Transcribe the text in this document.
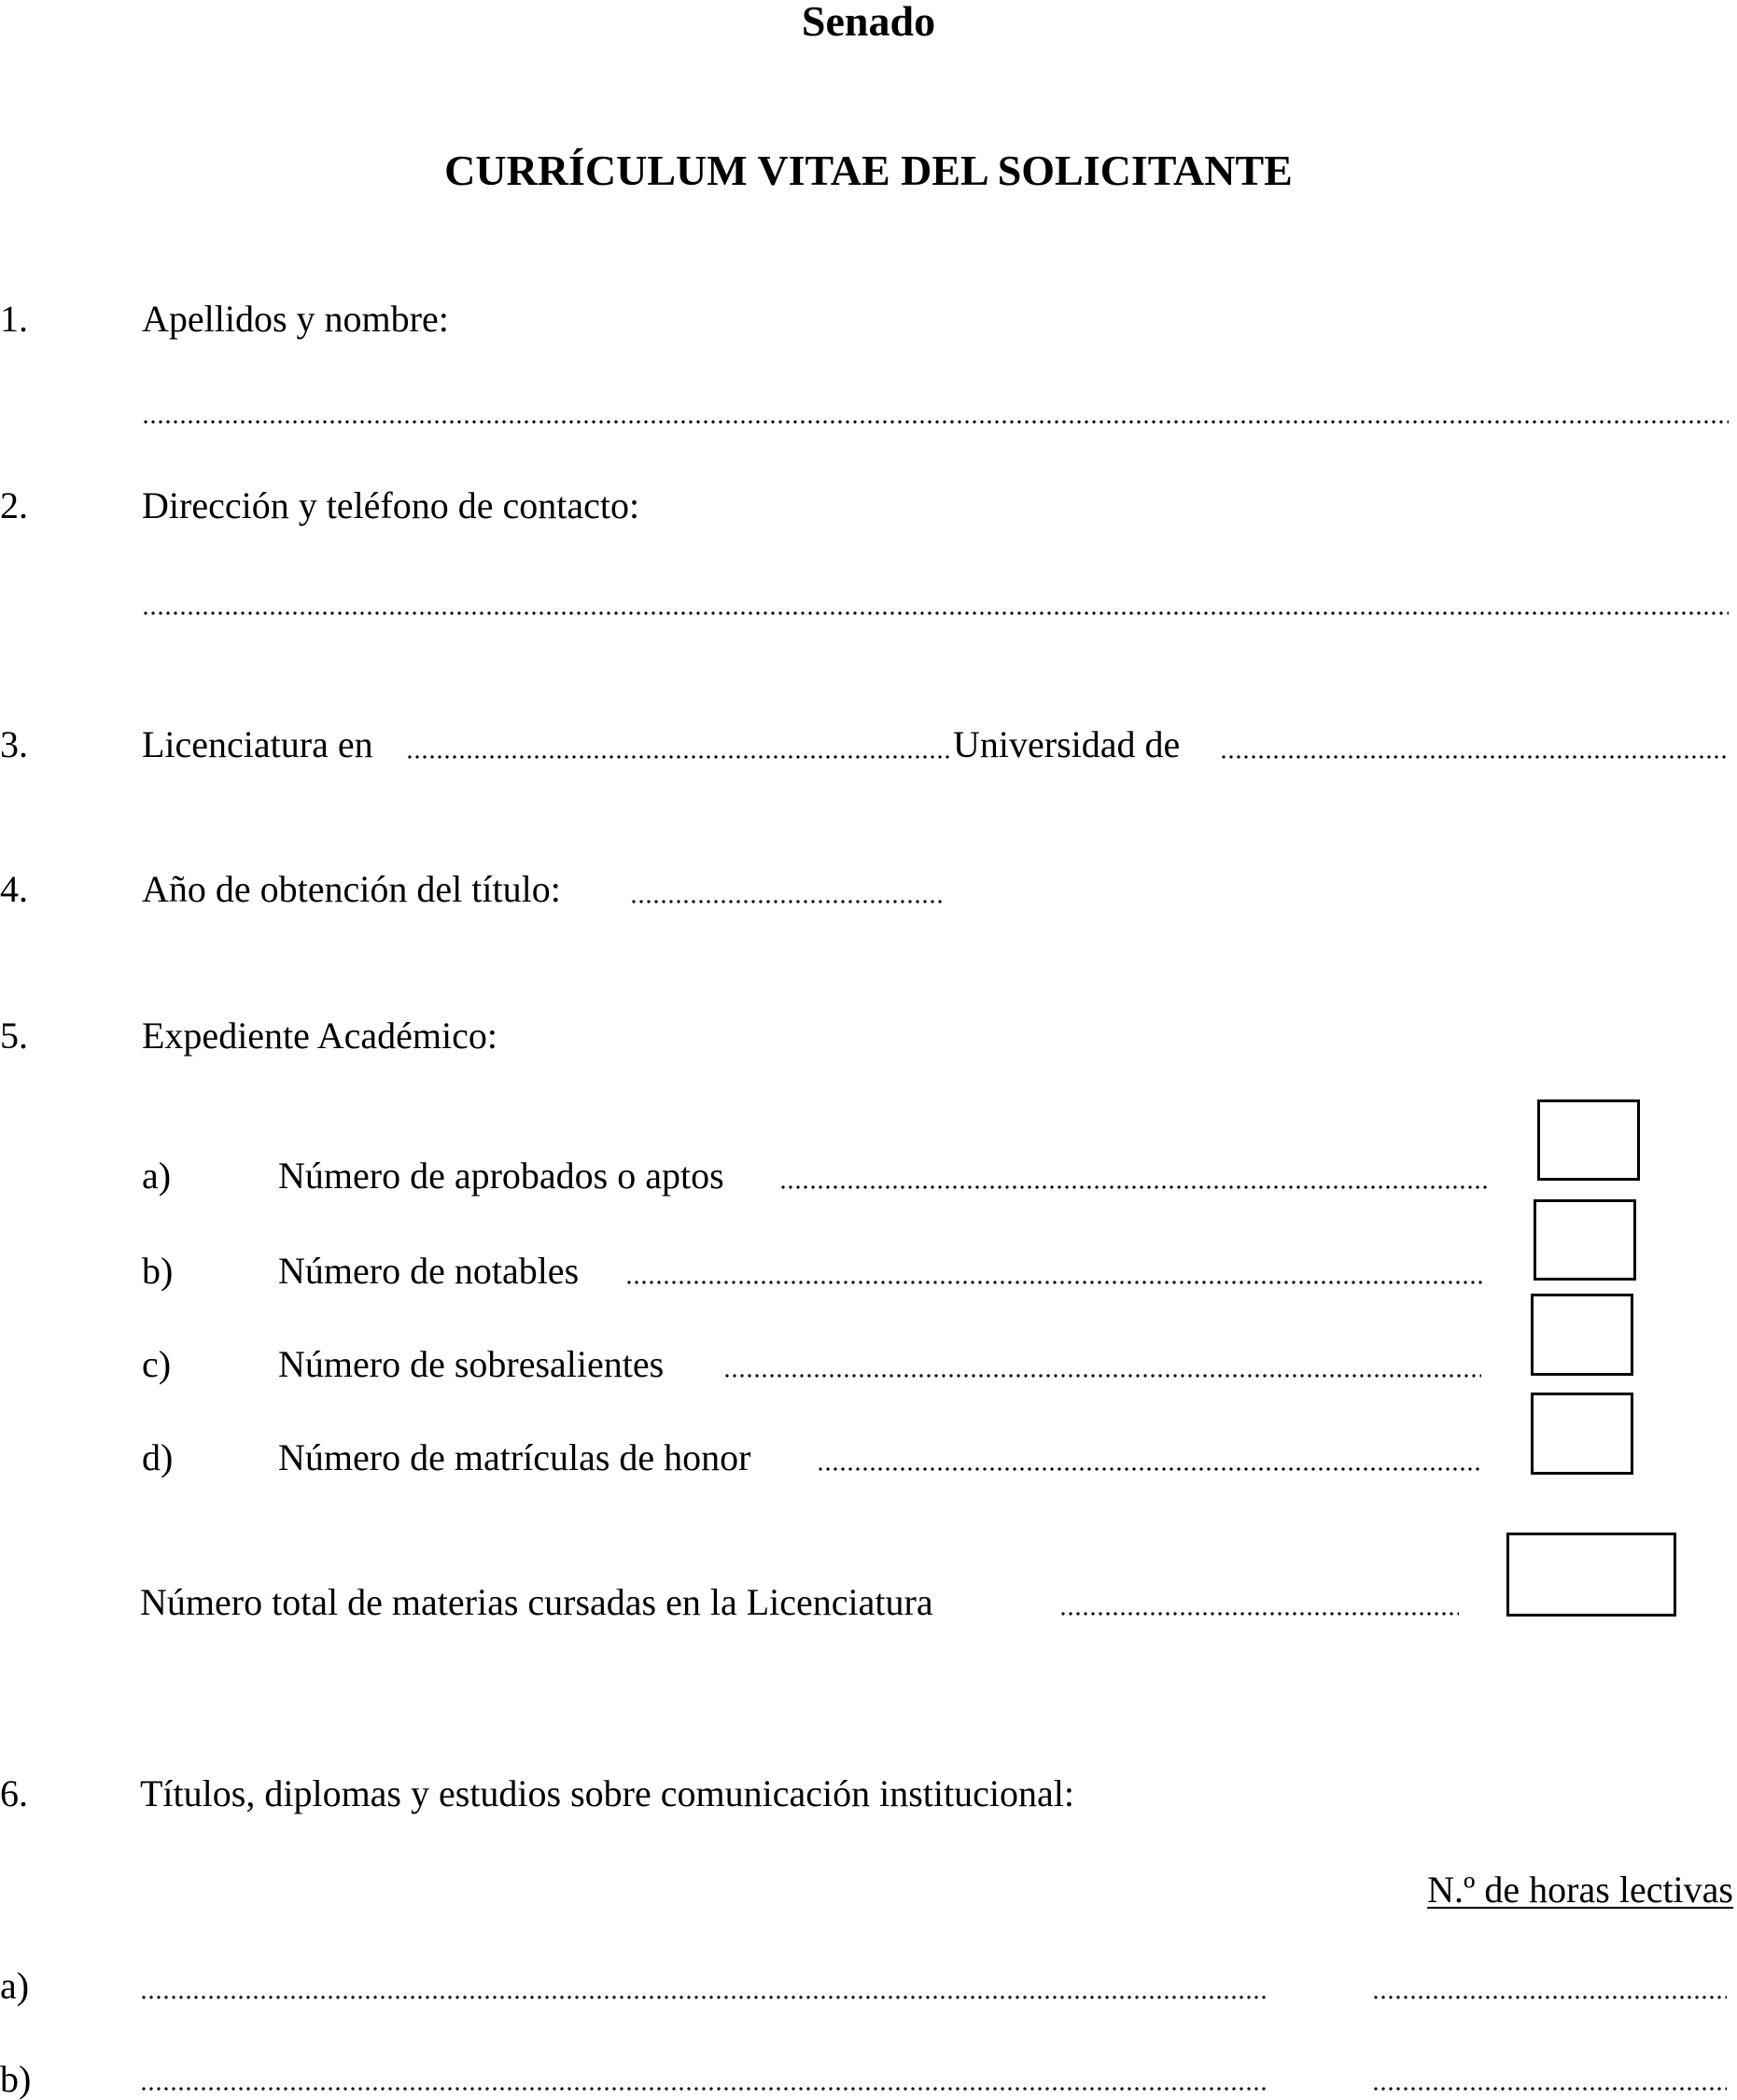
Senado
CURRÍCULUM VITAE DEL SOLICITANTE
1.	Apellidos y nombre:
2.	Dirección y teléfono de contacto:
3.	Licenciatura en	Universidad de
4.	Año de obtención del título:
5.	Expediente Académico:
a)	Número de aprobados o aptos
b)	Número de notables
c)	Número de sobresalientes
d)	Número de matrículas de honor
Número total de materias cursadas en la Licenciatura
6.	Títulos, diplomas y estudios sobre comunicación institucional:
N.º de horas lectivas
a)
b)
